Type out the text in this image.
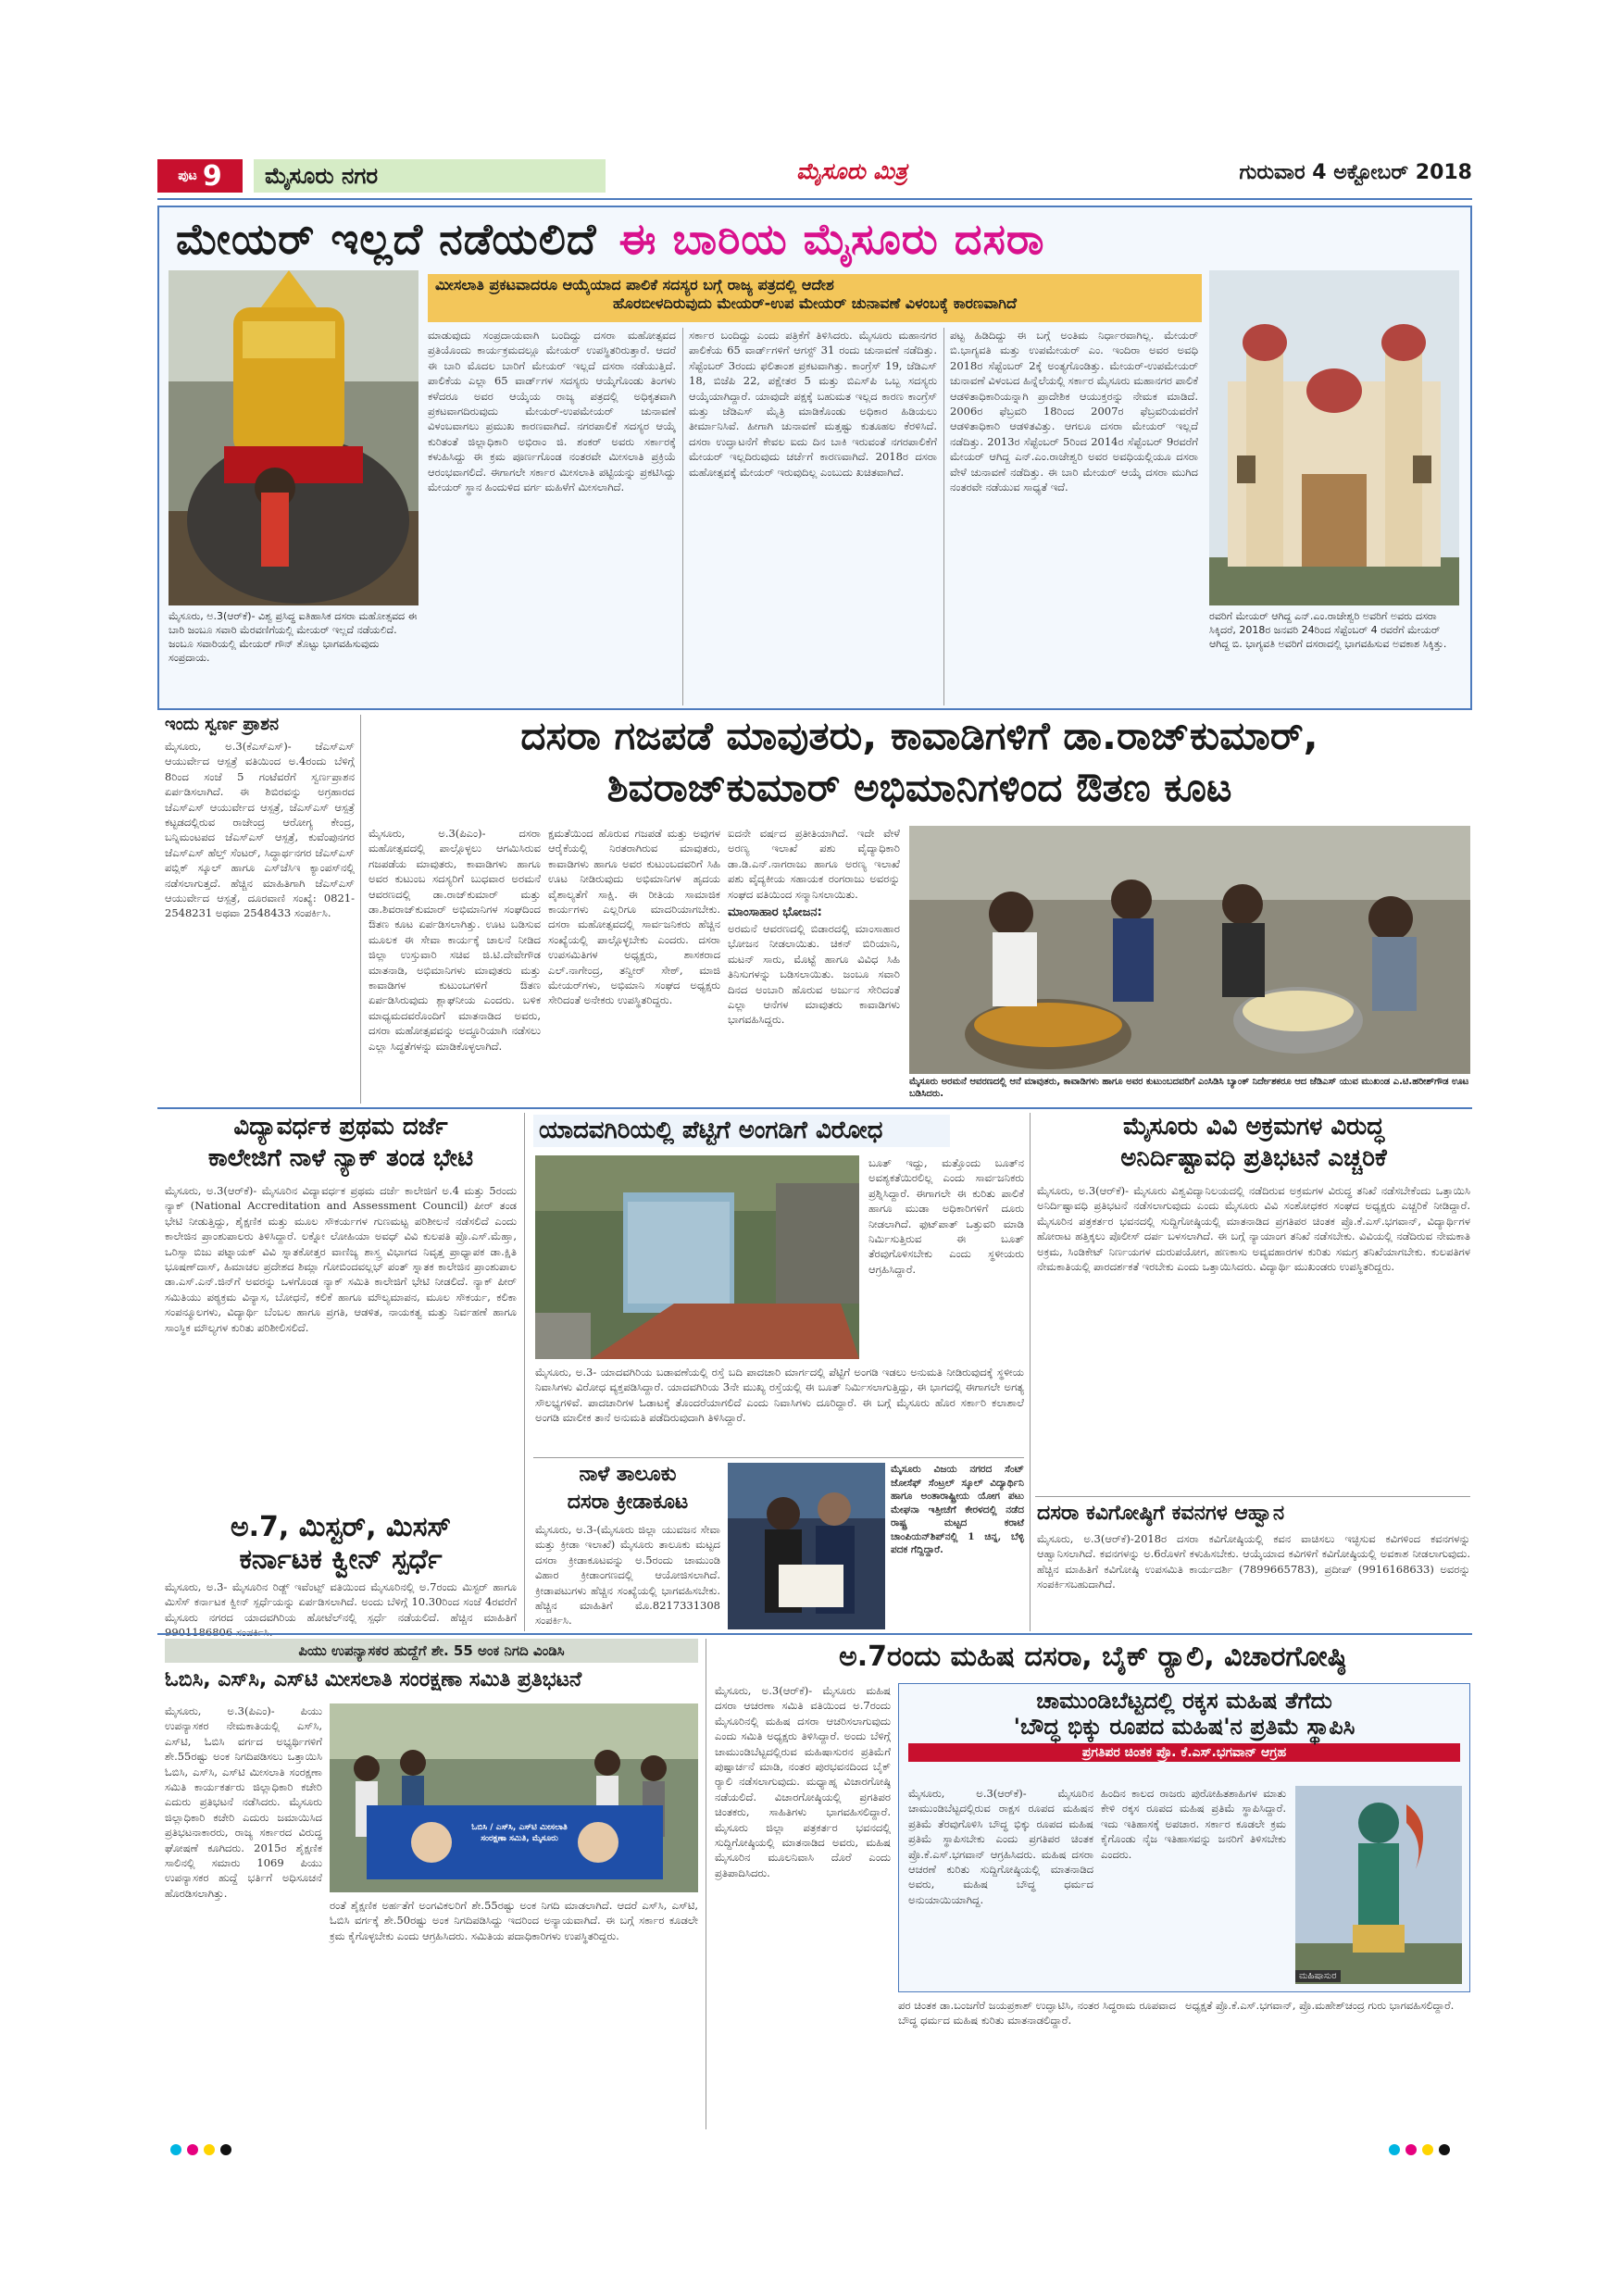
ಪುಟ 9 ಮೈಸೂರು ನಗರ	ಮೈಸೂರು ಮಿತ್ರ	ಗುರುವಾರ 4 ಅಕ್ಟೋಬರ್ 2018
ಮೇಯರ್ ಇಲ್ಲದೆ ನಡೆಯಲಿದೆ ಈ ಬಾರಿಯ ಮೈಸೂರು ದಸರಾ
ಮೈಸೂರು, ಅ.3(ಆರ್‌ಕೆ)- ವಿಶ್ವ ಪ್ರಸಿದ್ಧ ಐತಿಹಾಸಿಕ ದಸರಾ ಮಹೋತ್ಸವದ ಈ ಬಾರಿ ಜಂಬೂ ಸವಾರಿ ಮೆರವಣಿಗೆಯಲ್ಲಿ ಮೇಯರ್ ಇಲ್ಲದೆ ನಡೆಯಲಿದೆ. ಜಂಬೂ ಸವಾರಿಯಲ್ಲಿ ಮೇಯರ್ ಗೌನ್ ತೊಟ್ಟು ಭಾಗವಹಿಸುವುದು ಸಂಪ್ರದಾಯ.
ಮೀಸಲಾತಿ ಪ್ರಕಟವಾದರೂ ಆಯ್ಕೆಯಾದ ಪಾಲಿಕೆ ಸದಸ್ಯರ ಬಗ್ಗೆ ರಾಜ್ಯ ಪತ್ರದಲ್ಲಿ ಆದೇಶ
ಹೊರಬೀಳದಿರುವುದು ಮೇಯರ್-ಉಪ ಮೇಯರ್ ಚುನಾವಣೆ ವಿಳಂಬಕ್ಕೆ ಕಾರಣವಾಗಿದೆ
ಮಾಡುವುದು ಸಂಪ್ರದಾಯವಾಗಿ ಬಂದಿದ್ದು ದಸರಾ ಮಹೋತ್ಸವದ ಪ್ರತಿಯೊಂದು ಕಾರ್ಯಕ್ರಮದಲ್ಲೂ ಮೇಯರ್ ಉಪಸ್ಥಿತರಿರುತ್ತಾರೆ. ಆದರೆ ಈ ಬಾರಿ ಮೊದಲ ಬಾರಿಗೆ ಮೇಯರ್ ಇಲ್ಲದೆ ದಸರಾ ನಡೆಯುತ್ತಿದೆ. ಪಾಲಿಕೆಯ ಎಲ್ಲಾ 65 ವಾರ್ಡ್‌ಗಳ ಸದಸ್ಯರು ಆಯ್ಕೆಗೊಂಡು ತಿಂಗಳು ಕಳೆದರೂ ಅವರ ಆಯ್ಕೆಯ ರಾಜ್ಯ ಪತ್ರದಲ್ಲಿ ಅಧಿಕೃತವಾಗಿ ಪ್ರಕಟವಾಗದಿರುವುದು ಮೇಯರ್-ಉಪಮೇಯರ್ ಚುನಾವಣೆ ವಿಳಂಬವಾಗಲು ಪ್ರಮುಖ ಕಾರಣವಾಗಿದೆ. ನಗರಪಾಲಿಕೆ ಸದಸ್ಯರ ಆಯ್ಕೆ ಕುರಿತಂತೆ ಜಿಲ್ಲಾಧಿಕಾರಿ ಅಭಿರಾಂ ಜಿ. ಶಂಕರ್ ಅವರು ಸರ್ಕಾರಕ್ಕೆ ಕಳುಹಿಸಿದ್ದು ಈ ಕ್ರಮ ಪೂರ್ಣಗೊಂಡ ನಂತರವೇ ಮೀಸಲಾತಿ ಪ್ರಕ್ರಿಯೆ ಆರಂಭವಾಗಲಿದೆ. ಈಗಾಗಲೇ ಸರ್ಕಾರ ಮೀಸಲಾತಿ ಪಟ್ಟಿಯನ್ನು ಪ್ರಕಟಿಸಿದ್ದು ಮೇಯರ್ ಸ್ಥಾನ ಹಿಂದುಳಿದ ವರ್ಗ ಮಹಿಳೆಗೆ ಮೀಸಲಾಗಿದೆ.
ಸರ್ಕಾರ ಬಂದಿದ್ದು ಎಂದು ಪತ್ರಿಕೆಗೆ ತಿಳಿಸಿದರು. ಮೈಸೂರು ಮಹಾನಗರ ಪಾಲಿಕೆಯ 65 ವಾರ್ಡ್‌ಗಳಿಗೆ ಆಗಸ್ಟ್ 31 ರಂದು ಚುನಾವಣೆ ನಡೆದಿತ್ತು. ಸೆಪ್ಟೆಂಬರ್ 3ರಂದು ಫಲಿತಾಂಶ ಪ್ರಕಟವಾಗಿತ್ತು. ಕಾಂಗ್ರೆಸ್ 19, ಜೆಡಿಎಸ್ 18, ಬಿಜೆಪಿ 22, ಪಕ್ಷೇತರ 5 ಮತ್ತು ಬಿಎಸ್‌ಪಿ ಒಬ್ಬ ಸದಸ್ಯರು ಆಯ್ಕೆಯಾಗಿದ್ದಾರೆ. ಯಾವುದೇ ಪಕ್ಷಕ್ಕೆ ಬಹುಮತ ಇಲ್ಲದ ಕಾರಣ ಕಾಂಗ್ರೆಸ್ ಮತ್ತು ಜೆಡಿಎಸ್ ಮೈತ್ರಿ ಮಾಡಿಕೊಂಡು ಅಧಿಕಾರ ಹಿಡಿಯಲು ತೀರ್ಮಾನಿಸಿವೆ. ಹೀಗಾಗಿ ಚುನಾವಣೆ ಮತ್ತಷ್ಟು ಕುತೂಹಲ ಕೆರಳಿಸಿದೆ. ದಸರಾ ಉದ್ಘಾಟನೆಗೆ ಕೇವಲ ಐದು ದಿನ ಬಾಕಿ ಇರುವಂತೆ ನಗರಪಾಲಿಕೆಗೆ ಮೇಯರ್ ಇಲ್ಲದಿರುವುದು ಚರ್ಚೆಗೆ ಕಾರಣವಾಗಿದೆ. 2018ರ ದಸರಾ ಮಹೋತ್ಸವಕ್ಕೆ ಮೇಯರ್ ಇರುವುದಿಲ್ಲ ಎಂಬುದು ಖಚಿತವಾಗಿದೆ.
ಪಟ್ಟ ಹಿಡಿದಿದ್ದು ಈ ಬಗ್ಗೆ ಅಂತಿಮ ನಿರ್ಧಾರವಾಗಿಲ್ಲ. ಮೇಯರ್ ಬಿ.ಭಾಗ್ಯವತಿ ಮತ್ತು ಉಪಮೇಯರ್ ಎಂ. ಇಂದಿರಾ ಅವರ ಅವಧಿ 2018ರ ಸೆಪ್ಟೆಂಬರ್ 2ಕ್ಕೆ ಅಂತ್ಯಗೊಂಡಿತ್ತು. ಮೇಯರ್-ಉಪಮೇಯರ್ ಚುನಾವಣೆ ವಿಳಂಬದ ಹಿನ್ನೆಲೆಯಲ್ಲಿ ಸರ್ಕಾರ ಮೈಸೂರು ಮಹಾನಗರ ಪಾಲಿಕೆ ಆಡಳಿತಾಧಿಕಾರಿಯನ್ನಾಗಿ ಪ್ರಾದೇಶಿಕ ಆಯುಕ್ತರನ್ನು ನೇಮಕ ಮಾಡಿದೆ. 2006ರ ಫೆಬ್ರವರಿ 18ರಿಂದ 2007ರ ಫೆಬ್ರವರಿಯವರೆಗೆ ಆಡಳಿತಾಧಿಕಾರಿ ಆಡಳಿತವಿತ್ತು. ಆಗಲೂ ದಸರಾ ಮೇಯರ್ ಇಲ್ಲದೆ ನಡೆದಿತ್ತು. 2013ರ ಸೆಪ್ಟೆಂಬರ್ 5ರಿಂದ 2014ರ ಸೆಪ್ಟೆಂಬರ್ 9ರವರೆಗೆ ಮೇಯರ್ ಆಗಿದ್ದ ಎನ್.ಎಂ.ರಾಜೇಶ್ವರಿ ಅವರ ಅವಧಿಯಲ್ಲಿಯೂ ದಸರಾ ವೇಳೆ ಚುನಾವಣೆ ನಡೆದಿತ್ತು. ಈ ಬಾರಿ ಮೇಯರ್ ಆಯ್ಕೆ ದಸರಾ ಮುಗಿದ ನಂತರವೇ ನಡೆಯುವ ಸಾಧ್ಯತೆ ಇದೆ.
ರವರಿಗೆ ಮೇಯರ್ ಆಗಿದ್ದ ಎನ್.ಎಂ.ರಾಜೇಶ್ವರಿ ಅವರಿಗೆ ಅವರು ದಸರಾ ಸಿಕ್ಕಿದರೆ, 2018ರ ಜನವರಿ 24ರಿಂದ ಸೆಪ್ಟೆಂಬರ್ 4 ರವರೆಗೆ ಮೇಯರ್ ಆಗಿದ್ದ ಬಿ. ಭಾಗ್ಯವತಿ ಅವರಿಗೆ ದಸರಾದಲ್ಲಿ ಭಾಗವಹಿಸುವ ಅವಕಾಶ ಸಿಕ್ಕಿತ್ತು.
ಇಂದು ಸ್ವರ್ಣ ಪ್ರಾಶನ
ಮೈಸೂರು, ಅ.3(ಕೆಎಸ್‌ಎಸ್)- ಜೆಎಸ್‌ಎಸ್ ಆಯುರ್ವೇದ ಆಸ್ಪತ್ರೆ ವತಿಯಿಂದ ಅ.4ರಂದು ಬೆಳಿಗ್ಗೆ 8ರಿಂದ ಸಂಜೆ 5 ಗಂಟೆವರೆಗೆ ಸ್ವರ್ಣಪ್ರಾಶನ ಏರ್ಪಡಿಸಲಾಗಿದೆ. ಈ ಶಿಬಿರವನ್ನು ಅಗ್ರಹಾರದ ಜೆಎಸ್‌ಎಸ್ ಆಯುರ್ವೇದ ಆಸ್ಪತ್ರೆ, ಜೆಎಸ್‌ಎಸ್ ಆಸ್ಪತ್ರೆ ಕಟ್ಟಡದಲ್ಲಿರುವ ರಾಜೇಂದ್ರ ಆರೋಗ್ಯ ಕೇಂದ್ರ, ಬನ್ನಿಮಂಟಪದ ಜೆಎಸ್‌ಎಸ್ ಆಸ್ಪತ್ರೆ, ಕುವೆಂಪುನಗರ ಜೆಎಸ್‌ಎಸ್ ಹೆಲ್ತ್ ಸೆಂಟರ್, ಸಿದ್ಧಾರ್ಥನಗರ ಜೆಎಸ್‌ಎಸ್ ಪಬ್ಲಿಕ್ ಸ್ಕೂಲ್ ಹಾಗೂ ಎಸ್‌ಜೆಸಿಇ ಕ್ಯಾಂಪಸ್‌ನಲ್ಲಿ ನಡೆಸಲಾಗುತ್ತದೆ. ಹೆಚ್ಚಿನ ಮಾಹಿತಿಗಾಗಿ ಜೆಎಸ್‌ಎಸ್ ಆಯುರ್ವೇದ ಆಸ್ಪತ್ರೆ, ದೂರವಾಣಿ ಸಂಖ್ಯೆ: 0821-2548231 ಅಥವಾ 2548433 ಸಂಪರ್ಕಿಸಿ.
ದಸರಾ ಗಜಪಡೆ ಮಾವುತರು, ಕಾವಾಡಿಗಳಿಗೆ ಡಾ.ರಾಜ್‌ಕುಮಾರ್,
ಶಿವರಾಜ್‌ಕುಮಾರ್ ಅಭಿಮಾನಿಗಳಿಂದ ಔತಣ ಕೂಟ
ಮೈಸೂರು, ಅ.3(ಪಿಎಂ)- ದಸರಾ ಮಹೋತ್ಸವದಲ್ಲಿ ಪಾಲ್ಗೊಳ್ಳಲು ಆಗಮಿಸಿರುವ ಗಜಪಡೆಯ ಮಾವುತರು, ಕಾವಾಡಿಗಳು ಹಾಗೂ ಅವರ ಕುಟುಂಬ ಸದಸ್ಯರಿಗೆ ಬುಧವಾರ ಅರಮನೆ ಆವರಣದಲ್ಲಿ ಡಾ.ರಾಜ್‌ಕುಮಾರ್ ಮತ್ತು ಡಾ.ಶಿವರಾಜ್‌ಕುಮಾರ್ ಅಭಿಮಾನಿಗಳ ಸಂಘದಿಂದ ಔತಣ ಕೂಟ ಏರ್ಪಡಿಸಲಾಗಿತ್ತು. ಊಟ ಬಡಿಸುವ ಮೂಲಕ ಈ ಸೇವಾ ಕಾರ್ಯಕ್ಕೆ ಚಾಲನೆ ನೀಡಿದ ಜಿಲ್ಲಾ ಉಸ್ತುವಾರಿ ಸಚಿವ ಜಿ.ಟಿ.ದೇವೇಗೌಡ ಮಾತನಾಡಿ, ಅಭಿಮಾನಿಗಳು ಮಾವುತರು ಮತ್ತು ಕಾವಾಡಿಗಳ ಕುಟುಂಬಗಳಿಗೆ ಔತಣ ಏರ್ಪಡಿಸಿರುವುದು ಶ್ಲಾಘನೀಯ ಎಂದರು. ಬಳಿಕ ಮಾಧ್ಯಮದವರೊಂದಿಗೆ ಮಾತನಾಡಿದ ಅವರು, ದಸರಾ ಮಹೋತ್ಸವವನ್ನು ಅದ್ಧೂರಿಯಾಗಿ ನಡೆಸಲು ಎಲ್ಲಾ ಸಿದ್ಧತೆಗಳನ್ನು ಮಾಡಿಕೊಳ್ಳಲಾಗಿದೆ.
ಕ್ಷಮತೆಯಿಂದ ಹೊರುವ ಗಜಪಡೆ ಮತ್ತು ಅವುಗಳ ಆರೈಕೆಯಲ್ಲಿ ನಿರತರಾಗಿರುವ ಮಾವುತರು, ಕಾವಾಡಿಗಳು ಹಾಗೂ ಅವರ ಕುಟುಂಬದವರಿಗೆ ಸಿಹಿ ಊಟ ನೀಡಿರುವುದು ಅಭಿಮಾನಿಗಳ ಹೃದಯ ವೈಶಾಲ್ಯತೆಗೆ ಸಾಕ್ಷಿ. ಈ ರೀತಿಯ ಸಾಮಾಜಿಕ ಕಾರ್ಯಗಳು ಎಲ್ಲರಿಗೂ ಮಾದರಿಯಾಗಬೇಕು. ದಸರಾ ಮಹೋತ್ಸವದಲ್ಲಿ ಸಾರ್ವಜನಿಕರು ಹೆಚ್ಚಿನ ಸಂಖ್ಯೆಯಲ್ಲಿ ಪಾಲ್ಗೊಳ್ಳಬೇಕು ಎಂದರು. ದಸರಾ ಉಪಸಮಿತಿಗಳ ಅಧ್ಯಕ್ಷರು, ಶಾಸಕರಾದ ಎಲ್.ನಾಗೇಂದ್ರ, ತನ್ವೀರ್ ಸೇಠ್, ಮಾಜಿ ಮೇಯರ್‌ಗಳು, ಅಭಿಮಾನಿ ಸಂಘದ ಅಧ್ಯಕ್ಷರು ಸೇರಿದಂತೆ ಅನೇಕರು ಉಪಸ್ಥಿತರಿದ್ದರು.
ಐದನೇ ವರ್ಷದ ಪ್ರತೀತಿಯಾಗಿದೆ. ಇದೇ ವೇಳೆ ಅರಣ್ಯ ಇಲಾಖೆ ಪಶು ವೈದ್ಯಾಧಿಕಾರಿ ಡಾ.ಡಿ.ಎನ್.ನಾಗರಾಜು ಹಾಗೂ ಅರಣ್ಯ ಇಲಾಖೆ ಪಶು ವೈದ್ಯಕೀಯ ಸಹಾಯಕ ರಂಗರಾಜು ಅವರನ್ನು ಸಂಘದ ವತಿಯಿಂದ ಸನ್ಮಾನಿಸಲಾಯಿತು.
ಮಾಂಸಾಹಾರ ಭೋಜನ:
ಅರಮನೆ ಆವರಣದಲ್ಲಿ ಬಿಡಾರದಲ್ಲಿ ಮಾಂಸಾಹಾರ ಭೋಜನ ನೀಡಲಾಯಿತು. ಚಿಕನ್ ಬಿರಿಯಾನಿ, ಮಟನ್ ಸಾರು, ಮೊಟ್ಟೆ ಹಾಗೂ ವಿವಿಧ ಸಿಹಿ ತಿನಿಸುಗಳನ್ನು ಬಡಿಸಲಾಯಿತು. ಜಂಬೂ ಸವಾರಿ ದಿನದ ಅಂಬಾರಿ ಹೊರುವ ಅರ್ಜುನ ಸೇರಿದಂತೆ ಎಲ್ಲಾ ಆನೆಗಳ ಮಾವುತರು ಕಾವಾಡಿಗಳು ಭಾಗವಹಿಸಿದ್ದರು.
ಮೈಸೂರು ಅರಮನೆ ಆವರಣದಲ್ಲಿ ಆನೆ ಮಾವುತರು, ಕಾವಾಡಿಗಳು ಹಾಗೂ ಅವರ ಕುಟುಂಬದವರಿಗೆ ಎಂಸಿಡಿಸಿ ಬ್ಯಾಂಕ್ ನಿರ್ದೇಶಕರೂ ಆದ ಜೆಡಿಎಸ್ ಯುವ ಮುಖಂಡ ಎ.ಟಿ.ಹರೀಶ್‌ಗೌಡ ಊಟ ಬಡಿಸಿದರು.
ವಿದ್ಯಾವರ್ಧಕ ಪ್ರಥಮ ದರ್ಜೆ
ಕಾಲೇಜಿಗೆ ನಾಳೆ ನ್ಯಾಕ್ ತಂಡ ಭೇಟಿ
ಮೈಸೂರು, ಅ.3(ಆರ್‌ಕೆ)- ಮೈಸೂರಿನ ವಿದ್ಯಾವರ್ಧಕ ಪ್ರಥಮ ದರ್ಜೆ ಕಾಲೇಜಿಗೆ ಅ.4 ಮತ್ತು 5ರಂದು ನ್ಯಾಕ್ (National Accreditation and Assessment Council) ಪೀರ್ ತಂಡ ಭೇಟಿ ನೀಡುತ್ತಿದ್ದು, ಶೈಕ್ಷಣಿಕ ಮತ್ತು ಮೂಲ ಸೌಕರ್ಯಗಳ ಗುಣಮಟ್ಟ ಪರಿಶೀಲನೆ ನಡೆಸಲಿದೆ ಎಂದು ಕಾಲೇಜಿನ ಪ್ರಾಂಶುಪಾಲರು ತಿಳಿಸಿದ್ದಾರೆ. ಲಕ್ನೋ ಲೋಹಿಯಾ ಅವಧ್ ವಿವಿ ಕುಲಪತಿ ಪ್ರೊ.ಎಸ್.ಮೆಹ್ತಾ, ಒರಿಸ್ಸಾ ಬಿಜು ಪಟ್ನಾಯಕ್ ವಿವಿ ಸ್ನಾತಕೋತ್ತರ ವಾಣಿಜ್ಯ ಶಾಸ್ತ್ರ ವಿಭಾಗದ ನಿವೃತ್ತ ಪ್ರಾಧ್ಯಾಪಕ ಡಾ.ಕ್ಷಿತಿ ಭೂಷಣ್‌ದಾಸ್, ಹಿಮಾಚಲ ಪ್ರದೇಶದ ಶಿಮ್ಲಾ ಗೋಬಿಂದವಲ್ಲಭ್ ಪಂತ್ ಸ್ನಾತಕ ಕಾಲೇಜಿನ ಪ್ರಾಂಶುಪಾಲ ಡಾ.ಎಸ್.ಎನ್.ಜಿನ್‌ಗೆ ಅವರನ್ನು ಒಳಗೊಂಡ ನ್ಯಾಕ್ ಸಮಿತಿ ಕಾಲೇಜಿಗೆ ಭೇಟಿ ನೀಡಲಿದೆ. ನ್ಯಾಕ್ ಪೀರ್ ಸಮಿತಿಯು ಪಠ್ಯಕ್ರಮ ವಿನ್ಯಾಸ, ಬೋಧನೆ, ಕಲಿಕೆ ಹಾಗೂ ಮೌಲ್ಯಮಾಪನ, ಮೂಲ ಸೌಕರ್ಯ, ಕಲಿಕಾ ಸಂಪನ್ಮೂಲಗಳು, ವಿದ್ಯಾರ್ಥಿ ಬೆಂಬಲ ಹಾಗೂ ಪ್ರಗತಿ, ಆಡಳಿತ, ನಾಯಕತ್ವ ಮತ್ತು ನಿರ್ವಹಣೆ ಹಾಗೂ ಸಾಂಸ್ಥಿಕ ಮೌಲ್ಯಗಳ ಕುರಿತು ಪರಿಶೀಲಿಸಲಿದೆ.
ಅ.7, ಮಿಸ್ಟರ್, ಮಿಸಸ್
ಕರ್ನಾಟಕ ಕ್ವೀನ್ ಸ್ಪರ್ಧೆ
ಮೈಸೂರು, ಅ.3- ಮೈಸೂರಿನ ರಿಡ್ಜ್ ಇವೆಂಟ್ಸ್ ವತಿಯಿಂದ ಮೈಸೂರಿನಲ್ಲಿ ಅ.7ರಂದು ಮಿಸ್ಟರ್ ಹಾಗೂ ಮಿಸೆಸ್ ಕರ್ನಾಟಕ ಕ್ವೀನ್ ಸ್ಪರ್ಧೆಯನ್ನು ಏರ್ಪಡಿಸಲಾಗಿದೆ. ಅಂದು ಬೆಳಿಗ್ಗೆ 10.30ರಿಂದ ಸಂಜೆ 4ರವರೆಗೆ ಮೈಸೂರು ನಗರದ ಯಾದವಗಿರಿಯ ಹೋಟೆಲ್‌ನಲ್ಲಿ ಸ್ಪರ್ಧೆ ನಡೆಯಲಿದೆ. ಹೆಚ್ಚಿನ ಮಾಹಿತಿಗೆ
ಯಾದವಗಿರಿಯಲ್ಲಿ ಪೆಟ್ಟಿಗೆ ಅಂಗಡಿಗೆ ವಿರೋಧ
ಬೂತ್ ಇದ್ದು, ಮತ್ತೊಂದು ಬೂತ್‌ನ ಅವಶ್ಯಕತೆಯಿರಲಿಲ್ಲ ಎಂದು ಸಾರ್ವಜನಿಕರು ಪ್ರಶ್ನಿಸಿದ್ದಾರೆ. ಈಗಾಗಲೇ ಈ ಕುರಿತು ಪಾಲಿಕೆ ಹಾಗೂ ಮುಡಾ ಅಧಿಕಾರಿಗಳಿಗೆ ದೂರು ನೀಡಲಾಗಿದೆ. ಫುಟ್‌ಪಾತ್ ಒತ್ತುವರಿ ಮಾಡಿ ನಿರ್ಮಿಸುತ್ತಿರುವ ಈ ಬೂತ್ ತೆರವುಗೊಳಿಸಬೇಕು ಎಂದು ಸ್ಥಳೀಯರು ಆಗ್ರಹಿಸಿದ್ದಾರೆ.
ಮೈಸೂರು, ಅ.3- ಯಾದವಗಿರಿಯ ಬಡಾವಣೆಯಲ್ಲಿ ರಸ್ತೆ ಬದಿ ಪಾದಚಾರಿ ಮಾರ್ಗದಲ್ಲಿ ಪೆಟ್ಟಿಗೆ ಅಂಗಡಿ ಇಡಲು ಅನುಮತಿ ನೀಡಿರುವುದಕ್ಕೆ ಸ್ಥಳೀಯ ನಿವಾಸಿಗಳು ವಿರೋಧ ವ್ಯಕ್ತಪಡಿಸಿದ್ದಾರೆ. ಯಾದವಗಿರಿಯ 3ನೇ ಮುಖ್ಯ ರಸ್ತೆಯಲ್ಲಿ ಈ ಬೂತ್ ನಿರ್ಮಿಸಲಾಗುತ್ತಿದ್ದು, ಈ ಭಾಗದಲ್ಲಿ ಈಗಾಗಲೇ ಅಗತ್ಯ ಸೌಲಭ್ಯಗಳಿವೆ. ಪಾದಚಾರಿಗಳ ಓಡಾಟಕ್ಕೆ ತೊಂದರೆಯಾಗಲಿದೆ ಎಂದು ನಿವಾಸಿಗಳು ದೂರಿದ್ದಾರೆ. ಈ ಬಗ್ಗೆ ಮೈಸೂರು ಹೊರ ಸರ್ಕಾರಿ ಕಲಾಶಾಲೆ ಅಂಗಡಿ ಮಾಲೀಕ ತಾನೆ ಅನುಮತಿ ಪಡೆದಿರುವುದಾಗಿ ತಿಳಿಸಿದ್ದಾರೆ.
ನಾಳೆ ತಾಲೂಕು
ದಸರಾ ಕ್ರೀಡಾಕೂಟ
ಮೈಸೂರು, ಅ.3-(ಮೈಸೂರು ಜಿಲ್ಲಾ ಯುವಜನ ಸೇವಾ ಮತ್ತು ಕ್ರೀಡಾ ಇಲಾಖೆ) ಮೈಸೂರು ತಾಲೂಕು ಮಟ್ಟದ ದಸರಾ ಕ್ರೀಡಾಕೂಟವನ್ನು ಅ.5ರಂದು ಚಾಮುಂಡಿ ವಿಹಾರ ಕ್ರೀಡಾಂಗಣದಲ್ಲಿ ಆಯೋಜಿಸಲಾಗಿದೆ. ಕ್ರೀಡಾಪಟುಗಳು ಹೆಚ್ಚಿನ ಸಂಖ್ಯೆಯಲ್ಲಿ ಭಾಗವಹಿಸಬೇಕು. ಹೆಚ್ಚಿನ ಮಾಹಿತಿಗೆ ಮೊ.8217331308 ಸಂಪರ್ಕಿಸಿ.
ಮೈಸೂರು ವಿಜಯ ನಗರದ ಸೆಂಟ್ ಜೋಸೆಫ್ ಸೆಂಟ್ರಲ್ ಸ್ಕೂಲ್ ವಿದ್ಯಾರ್ಥಿನಿ ಹಾಗೂ ಅಂತಾರಾಷ್ಟ್ರೀಯ ಯೋಗ ಪಟು ಮೇಘನಾ ಇತ್ತೀಚೆಗೆ ಕೇರಳದಲ್ಲಿ ನಡೆದ ರಾಷ್ಟ್ರ ಮಟ್ಟದ ಕರಾಟೆ ಚಾಂಪಿಯನ್‌ಶಿಪ್‌ನಲ್ಲಿ 1 ಚಿನ್ನ, ಬೆಳ್ಳಿ ಪದಕ ಗೆದ್ದಿದ್ದಾರೆ.
ಮೈಸೂರು ವಿವಿ ಅಕ್ರಮಗಳ ವಿರುದ್ಧ
ಅನಿರ್ದಿಷ್ಟಾವಧಿ ಪ್ರತಿಭಟನೆ ಎಚ್ಚರಿಕೆ
ಮೈಸೂರು, ಅ.3(ಆರ್‌ಕೆ)- ಮೈಸೂರು ವಿಶ್ವವಿದ್ಯಾನಿಲಯದಲ್ಲಿ ನಡೆದಿರುವ ಅಕ್ರಮಗಳ ವಿರುದ್ಧ ತನಿಖೆ ನಡೆಸಬೇಕೆಂದು ಒತ್ತಾಯಿಸಿ ಅನಿರ್ದಿಷ್ಟಾವಧಿ ಪ್ರತಿಭಟನೆ ನಡೆಸಲಾಗುವುದು ಎಂದು ಮೈಸೂರು ವಿವಿ ಸಂಶೋಧಕರ ಸಂಘದ ಅಧ್ಯಕ್ಷರು ಎಚ್ಚರಿಕೆ ನೀಡಿದ್ದಾರೆ. ಮೈಸೂರಿನ ಪತ್ರಕರ್ತರ ಭವನದಲ್ಲಿ ಸುದ್ದಿಗೋಷ್ಠಿಯಲ್ಲಿ ಮಾತನಾಡಿದ ಪ್ರಗತಿಪರ ಚಿಂತಕ ಪ್ರೊ.ಕೆ.ಎಸ್.ಭಗವಾನ್, ವಿದ್ಯಾರ್ಥಿಗಳ ಹೋರಾಟ ಹತ್ತಿಕ್ಕಲು ಪೊಲೀಸ್ ದರ್ಪ ಬಳಸಲಾಗಿದೆ. ಈ ಬಗ್ಗೆ ನ್ಯಾಯಾಂಗ ತನಿಖೆ ನಡೆಸಬೇಕು. ವಿವಿಯಲ್ಲಿ ನಡೆದಿರುವ ನೇಮಕಾತಿ ಅಕ್ರಮ, ಸಿಂಡಿಕೇಟ್ ನಿರ್ಣಯಗಳ ದುರುಪಯೋಗ, ಹಣಕಾಸು ಅವ್ಯವಹಾರಗಳ ಕುರಿತು ಸಮಗ್ರ ತನಿಖೆಯಾಗಬೇಕು. ಕುಲಪತಿಗಳ ನೇಮಕಾತಿಯಲ್ಲಿ ಪಾರದರ್ಶಕತೆ ಇರಬೇಕು ಎಂದು ಒತ್ತಾಯಿಸಿದರು. ವಿದ್ಯಾರ್ಥಿ ಮುಖಂಡರು ಉಪಸ್ಥಿತರಿದ್ದರು.
ದಸರಾ ಕವಿಗೋಷ್ಠಿಗೆ ಕವನಗಳ ಆಹ್ವಾನ
ಮೈಸೂರು, ಅ.3(ಆರ್‌ಕೆ)-2018ರ ದಸರಾ ಕವಿಗೋಷ್ಠಿಯಲ್ಲಿ ಕವನ ವಾಚಿಸಲು ಇಚ್ಛಿಸುವ ಕವಿಗಳಿಂದ ಕವನಗಳನ್ನು ಆಹ್ವಾನಿಸಲಾಗಿದೆ. ಕವನಗಳನ್ನು ಅ.6ರೊಳಗೆ ಕಳುಹಿಸಬೇಕು. ಆಯ್ಕೆಯಾದ ಕವಿಗಳಿಗೆ ಕವಿಗೋಷ್ಠಿಯಲ್ಲಿ ಅವಕಾಶ ನೀಡಲಾಗುವುದು. ಹೆಚ್ಚಿನ ಮಾಹಿತಿಗೆ ಕವಿಗೋಷ್ಠಿ ಉಪಸಮಿತಿ ಕಾರ್ಯದರ್ಶಿ (7899665783), ಪ್ರದೀಪ್ (9916168633) ಅವರನ್ನು ಸಂಪರ್ಕಿಸಬಹುದಾಗಿದೆ.
ಪಿಯು ಉಪನ್ಯಾಸಕರ ಹುದ್ದೆಗೆ ಶೇ. 55 ಅಂಕ ನಿಗದಿ ವಿಂಡಿಸಿ
ಓಬಿಸಿ, ಎಸ್‌ಸಿ, ಎಸ್‌ಟಿ ಮೀಸಲಾತಿ ಸಂರಕ್ಷಣಾ ಸಮಿತಿ ಪ್ರತಿಭಟನೆ
ಮೈಸೂರು, ಅ.3(ಪಿಎಂ)- ಪಿಯು ಉಪನ್ಯಾಸಕರ ನೇಮಕಾತಿಯಲ್ಲಿ ಎಸ್‌ಸಿ, ಎಸ್‌ಟಿ, ಓಬಿಸಿ ವರ್ಗದ ಅಭ್ಯರ್ಥಿಗಳಿಗೆ ಶೇ.55ರಷ್ಟು ಅಂಕ ನಿಗದಿಪಡಿಸಲು ಒತ್ತಾಯಿಸಿ ಓಬಿಸಿ, ಎಸ್‌ಸಿ, ಎಸ್‌ಟಿ ಮೀಸಲಾತಿ ಸಂರಕ್ಷಣಾ ಸಮಿತಿ ಕಾರ್ಯಕರ್ತರು ಜಿಲ್ಲಾಧಿಕಾರಿ ಕಚೇರಿ ಎದುರು ಪ್ರತಿಭಟನೆ ನಡೆಸಿದರು. ಮೈಸೂರು ಜಿಲ್ಲಾಧಿಕಾರಿ ಕಚೇರಿ ಎದುರು ಜಮಾಯಿಸಿದ ಪ್ರತಿಭಟನಾಕಾರರು, ರಾಜ್ಯ ಸರ್ಕಾರದ ವಿರುದ್ಧ ಘೋಷಣೆ ಕೂಗಿದರು. 2015ರ ಶೈಕ್ಷಣಿಕ ಸಾಲಿನಲ್ಲಿ ಸಮಾರು 1069 ಪಿಯು ಉಪನ್ಯಾಸಕರ ಹುದ್ದೆ ಭರ್ತಿಗೆ ಅಧಿಸೂಚನೆ ಹೊರಡಿಸಲಾಗಿತ್ತು.
ಓಬಿಸಿ / ಎಸ್‌ಸಿ, ಎಸ್‌ಟಿ ಮೀಸಲಾತಿ ಸಂರಕ್ಷಣಾ ಸಮಿತಿ, ಮೈಸೂರು
ರಂತೆ ಶೈಕ್ಷಣಿಕ ಅರ್ಹತೆಗೆ ಅಂಗವಿಕಲರಿಗೆ ಶೇ.55ರಷ್ಟು ಅಂಕ ನಿಗದಿ ಮಾಡಲಾಗಿದೆ. ಆದರೆ ಎಸ್‌ಸಿ, ಎಸ್‌ಟಿ, ಓಬಿಸಿ ವರ್ಗಕ್ಕೆ ಶೇ.50ರಷ್ಟು ಅಂಕ ನಿಗದಿಪಡಿಸಿದ್ದು ಇದರಿಂದ ಅನ್ಯಾಯವಾಗಿದೆ. ಈ ಬಗ್ಗೆ ಸರ್ಕಾರ ಕೂಡಲೇ ಕ್ರಮ ಕೈಗೊಳ್ಳಬೇಕು ಎಂದು ಆಗ್ರಹಿಸಿದರು. ಸಮಿತಿಯ ಪದಾಧಿಕಾರಿಗಳು ಉಪಸ್ಥಿತರಿದ್ದರು.
ಅ.7ರಂದು ಮಹಿಷ ದಸರಾ, ಬೈಕ್ ರ್‍ಯಾಲಿ, ವಿಚಾರಗೋಷ್ಠಿ
ಮೈಸೂರು, ಅ.3(ಆರ್‌ಕೆ)- ಮೈಸೂರು ಮಹಿಷ ದಸರಾ ಆಚರಣಾ ಸಮಿತಿ ವತಿಯಿಂದ ಅ.7ರಂದು ಮೈಸೂರಿನಲ್ಲಿ ಮಹಿಷ ದಸರಾ ಆಚರಿಸಲಾಗುವುದು ಎಂದು ಸಮಿತಿ ಅಧ್ಯಕ್ಷರು ತಿಳಿಸಿದ್ದಾರೆ. ಅಂದು ಬೆಳಿಗ್ಗೆ ಚಾಮುಂಡಿಬೆಟ್ಟದಲ್ಲಿರುವ ಮಹಿಷಾಸುರನ ಪ್ರತಿಮೆಗೆ ಪುಷ್ಪಾರ್ಚನೆ ಮಾಡಿ, ನಂತರ ಪುರಭವನದಿಂದ ಬೈಕ್ ರ್‍ಯಾಲಿ ನಡೆಸಲಾಗುವುದು. ಮಧ್ಯಾಹ್ನ ವಿಚಾರಗೋಷ್ಠಿ ನಡೆಯಲಿದೆ. ವಿಚಾರಗೋಷ್ಠಿಯಲ್ಲಿ ಪ್ರಗತಿಪರ ಚಿಂತಕರು, ಸಾಹಿತಿಗಳು ಭಾಗವಹಿಸಲಿದ್ದಾರೆ. ಮೈಸೂರು ಜಿಲ್ಲಾ ಪತ್ರಕರ್ತರ ಭವನದಲ್ಲಿ ಸುದ್ದಿಗೋಷ್ಠಿಯಲ್ಲಿ ಮಾತನಾಡಿದ ಅವರು, ಮಹಿಷ ಮೈಸೂರಿನ ಮೂಲನಿವಾಸಿ ದೊರೆ ಎಂದು ಪ್ರತಿಪಾದಿಸಿದರು.
ಚಾಮುಂಡಿಬೆಟ್ಟದಲ್ಲಿ ರಕ್ಕಸ ಮಹಿಷ ತೆಗೆದು
'ಬೌದ್ಧ ಭಿಕ್ಕು ರೂಪದ ಮಹಿಷ'ನ ಪ್ರತಿಮೆ ಸ್ಥಾಪಿಸಿ
ಪ್ರಗತಿಪರ ಚಿಂತಕ ಪ್ರೊ. ಕೆ.ಎಸ್.ಭಗವಾನ್ ಆಗ್ರಹ
ಮೈಸೂರು, ಅ.3(ಆರ್‌ಕೆ)- ಮೈಸೂರಿನ ಚಾಮುಂಡಿಬೆಟ್ಟದಲ್ಲಿರುವ ರಾಕ್ಷಸ ರೂಪದ ಮಹಿಷನ ಪ್ರತಿಮೆ ತೆರವುಗೊಳಿಸಿ ಬೌದ್ಧ ಭಿಕ್ಕು ರೂಪದ ಮಹಿಷ ಪ್ರತಿಮೆ ಸ್ಥಾಪಿಸಬೇಕು ಎಂದು ಪ್ರಗತಿಪರ ಚಿಂತಕ ಪ್ರೊ.ಕೆ.ಎಸ್.ಭಗವಾನ್ ಆಗ್ರಹಿಸಿದರು. ಮಹಿಷ ದಸರಾ ಆಚರಣೆ ಕುರಿತು ಸುದ್ದಿಗೋಷ್ಠಿಯಲ್ಲಿ ಮಾತನಾಡಿದ ಅವರು, ಮಹಿಷ ಬೌದ್ಧ ಧರ್ಮದ ಅನುಯಾಯಿಯಾಗಿದ್ದ.
ಹಿಂದಿನ ಕಾಲದ ರಾಜರು ಪುರೋಹಿತಶಾಹಿಗಳ ಮಾತು ಕೇಳಿ ರಕ್ಕಸ ರೂಪದ ಮಹಿಷ ಪ್ರತಿಮೆ ಸ್ಥಾಪಿಸಿದ್ದಾರೆ. ಇದು ಇತಿಹಾಸಕ್ಕೆ ಅಪಚಾರ. ಸರ್ಕಾರ ಕೂಡಲೇ ಕ್ರಮ ಕೈಗೊಂಡು ನೈಜ ಇತಿಹಾಸವನ್ನು ಜನರಿಗೆ ತಿಳಿಸಬೇಕು ಎಂದರು.
ಮಹಿಷಾಸುರ
ಪರ ಚಿಂತಕ ಡಾ.ಬಂಜಗೆರೆ ಜಯಪ್ರಕಾಶ್ ಉದ್ಘಾಟಿಸಿ, ನಂತರ ಸಿದ್ಧರಾಮ ರೂಪವಾದ ಬೌದ್ಧ ಧರ್ಮದ ಮಹಿಷ ಕುರಿತು ಮಾತನಾಡಲಿದ್ದಾರೆ.
ಅಧ್ಯಕ್ಷತೆ ಪ್ರೊ.ಕೆ.ಎಸ್.ಭಗವಾನ್, ಪ್ರೊ.ಮಹೇಶ್‌ಚಂದ್ರ ಗುರು ಭಾಗವಹಿಸಲಿದ್ದಾರೆ.
